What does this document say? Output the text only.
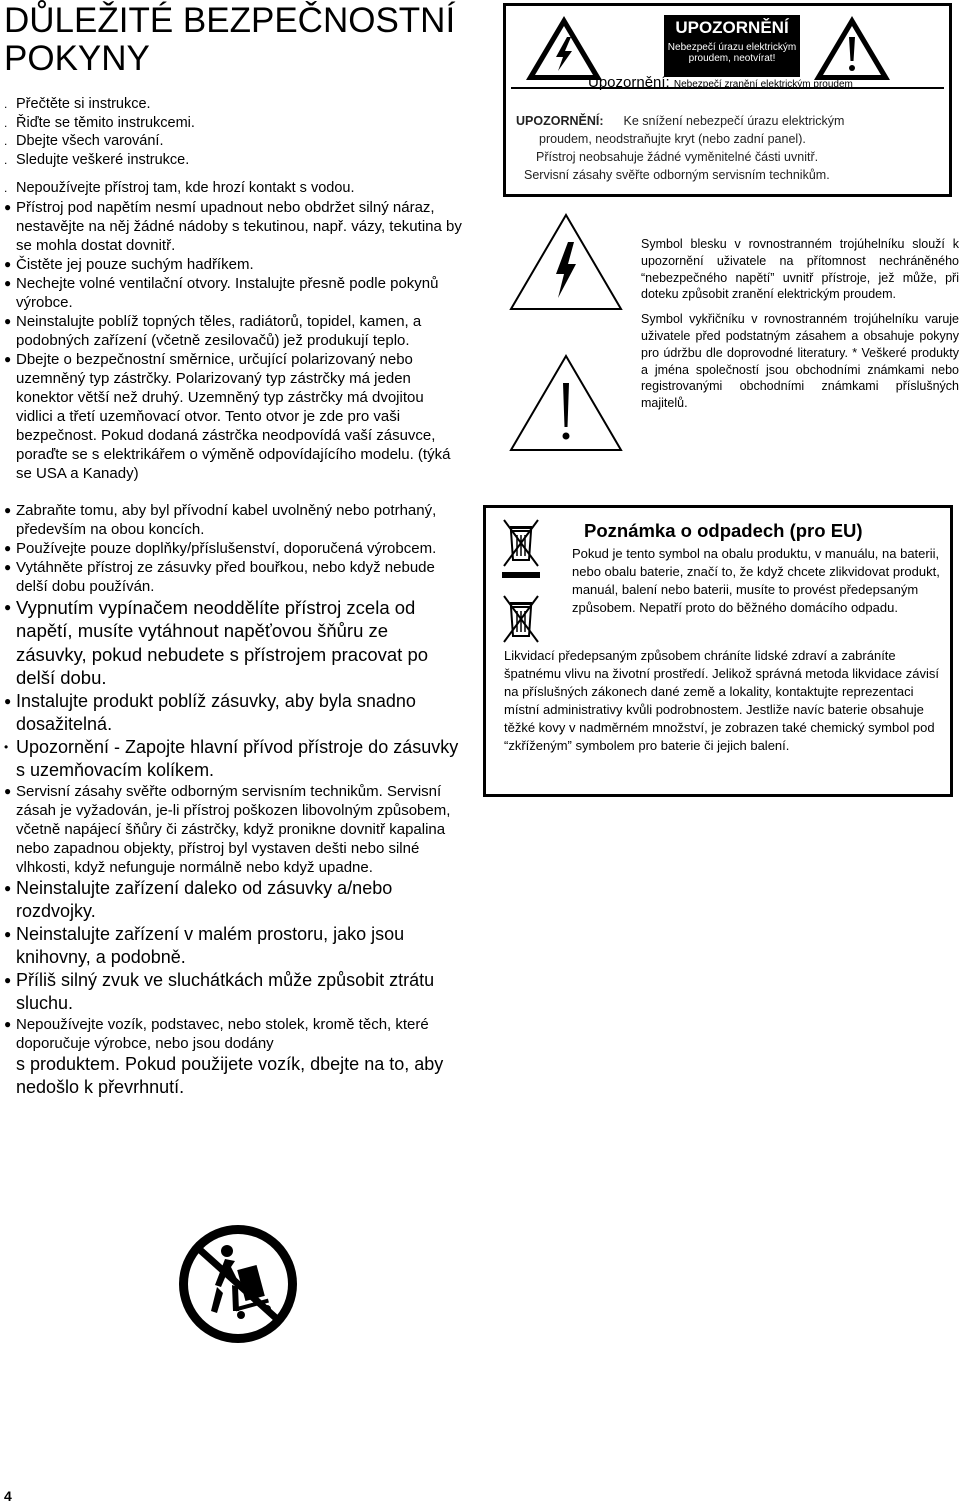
DŮLEŽITÉ BEZPEČNOSTNÍ POKYNY
. Přečtěte si instrukce.
. Řiďte se těmito instrukcemi.
. Dbejte všech varování.
. Sledujte veškeré instrukce.
. Nepoužívejte přístroj tam, kde hrozí kontakt s vodou.
● Přístroj pod napětím nesmí upadnout nebo obdržet silný náraz, nestavějte na něj žádné nádoby s tekutinou, např. vázy, tekutina by se mohla dostat dovnitř.
● Čistěte jej pouze suchým hadříkem.
● Nechejte volné ventilační otvory. Instalujte přesně podle pokynů výrobce.
● Neinstalujte poblíž topných těles, radiátorů, topidel, kamen, a podobných zařízení (včetně zesilovačů) jež produkují teplo.
● Dbejte o bezpečnostní směrnice, určující polarizovaný nebo uzemněný typ zástrčky. Polarizovaný typ zástrčky má jeden konektor větší než druhý. Uzemněný typ zástrčky má dvojitou vidlici a třetí uzemňovací otvor. Tento otvor je zde pro vaši bezpečnost. Pokud dodaná zástrčka neodpovídá vaší zásuvce, poraďte se s elektrikářem o výměně odpovídajícího modelu. (týká se USA a Kanady)
● Zabraňte tomu, aby byl přívodní kabel uvolněný nebo potrhaný, především na obou koncích.
● Používejte pouze doplňky/příslušenství, doporučená výrobcem.
● Vytáhněte přístroj ze zásuvky před bouřkou, nebo když nebude delší dobu používán.
● Vypnutím vypínačem neoddělíte přístroj zcela od napětí, musíte vytáhnout napěťovou šňůru ze zásuvky, pokud nebudete s přístrojem pracovat po delší dobu.
● Instalujte produkt poblíž zásuvky, aby byla snadno dosažitelná.
• Upozornění - Zapojte hlavní přívod přístroje do zásuvky s uzemňovacím kolíkem.
● Servisní zásahy svěřte odborným servisním technikům. Servisní zásah je vyžadován, je-li přístroj poškozen libovolným způsobem, včetně napájecí šňůry či zástrčky, když pronikne dovnitř kapalina nebo zapadnou objekty, přístroj byl vystaven dešti nebo silné vlhkosti, když nefunguje normálně nebo když upadne.
● Neinstalujte zařízení daleko od zásuvky a/nebo rozdvojky.
● Neinstalujte zařízení v malém prostoru, jako jsou knihovny, a podobně.
● Příliš silný zvuk ve sluchátkách může způsobit ztrátu sluchu.
● Nepoužívejte vozík, podstavec, nebo stolek, kromě těch, které doporučuje výrobce, nebo jsou dodány
s produktem. Pokud použijete vozík, dbejte na to, aby nedošlo k převrhnutí.
UPOZORNĚNÍ
Nebezpečí úrazu elektrickým proudem, neotvírat!
Upozornění: Nebezpečí zranění elektrickým proudem

UPOZORNĚNÍ: Ke snížení nebezpečí úrazu elektrickým

proudem, neodstraňujte kryt (nebo zadní panel).

Přístroj neobsahuje žádné vyměnitelné části uvnitř.

Servisní zásahy svěřte odborným servisním technikům.

Symbol blesku v rovnostranném trojúhelníku slouží k upozornění uživatele na přítomnost nechráněného “nebezpečného napětí” uvnitř přístroje, jež může, při doteku způsobit zranění elektrickým proudem.

Symbol vykřičníku v rovnostranném trojúhelníku varuje uživatele před podstatným zásahem a obsahuje pokyny pro údržbu dle doprovodné literatury. * Veškeré produkty a jména společností jsou obchodními známkami nebo registrovanými obchodními známkami příslušných majitelů.

Poznámka o odpadech (pro EU)
Pokud je tento symbol na obalu produktu, v manuálu, na baterii, nebo obalu baterie, značí to, že když chcete zlikvidovat produkt, manuál, balení nebo baterii, musíte to provést předepsaným způsobem. Nepatří proto do běžného domácího odpadu.

Likvidací předepsaným způsobem chráníte lidské zdraví a zabráníte špatnému vlivu na životní prostředí. Jelikož správná metoda likvidace závisí na příslušných zákonech dané země a lokality, kontaktujte reprezentaci místní administrativy kvůli podrobnostem. Jestliže navíc baterie obsahuje těžké kovy v nadměrném množství, je zobrazen také chemický symbol pod “zkříženým” symbolem pro baterie či jejich balení.

4
